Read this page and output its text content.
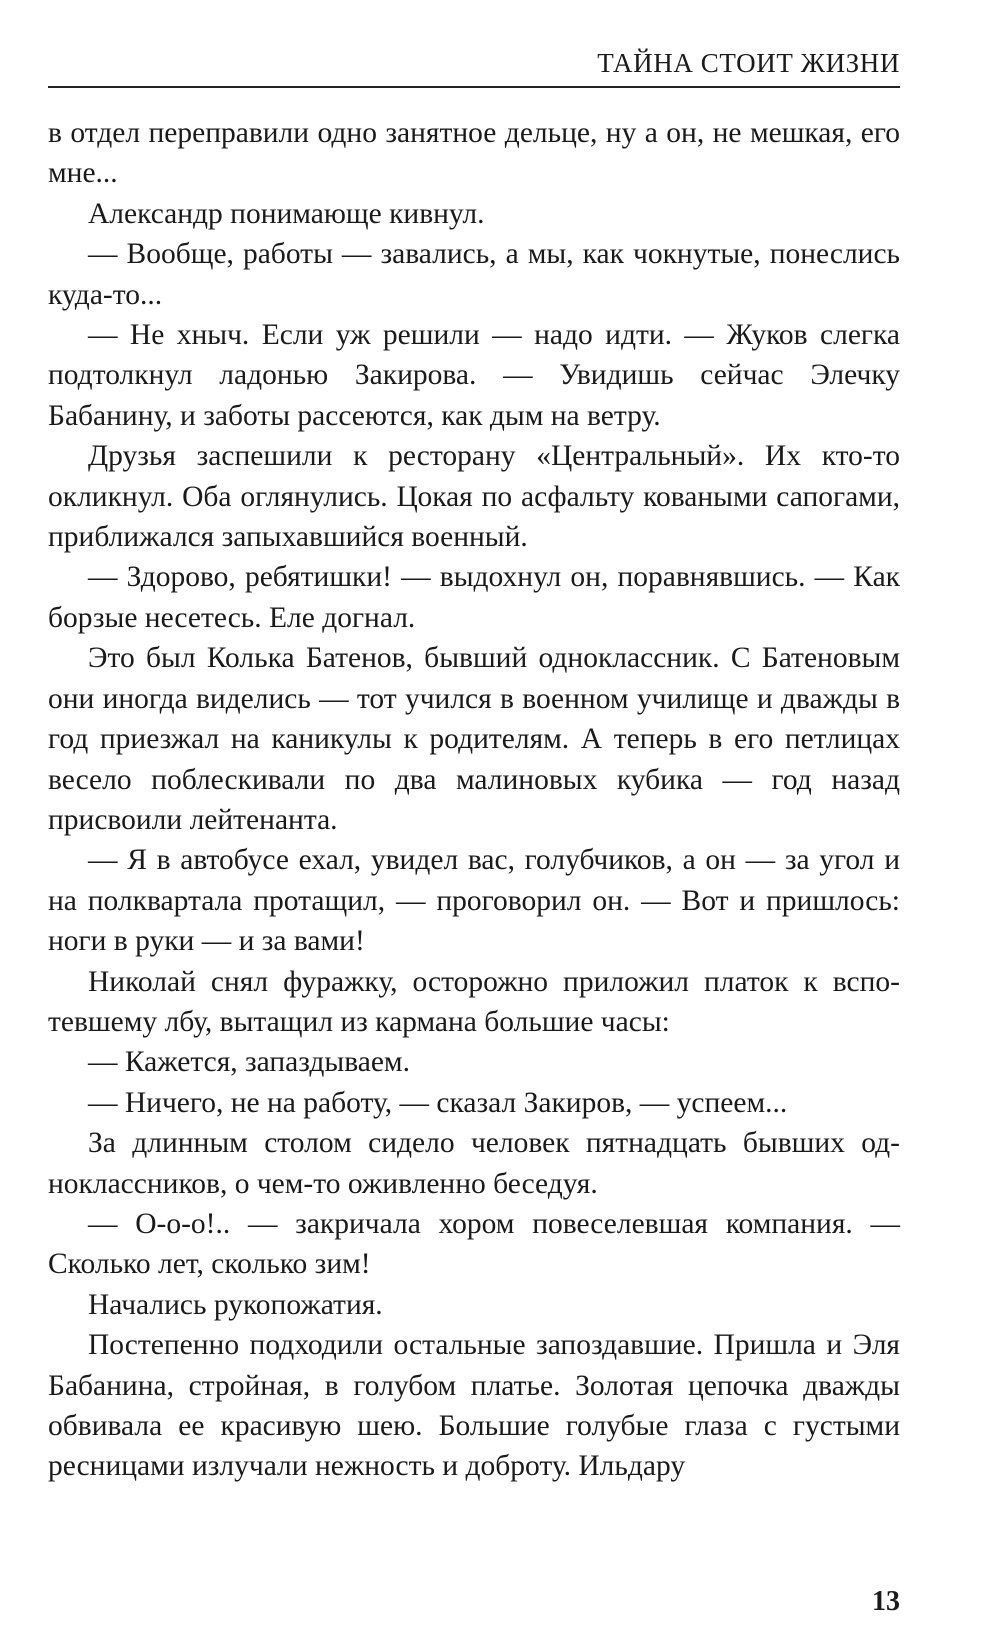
ТАЙНА СТОИТ ЖИЗНИ

в отдел переправили одно занятное дельце, ну а он, не мешкая, его мне...

Александр понимающе кивнул.

— Вообще, работы — завались, а мы, как чокнутые, понеслись куда-то...

— Не хныч. Если уж решили — надо идти. — Жуков слегка подтолкнул ладонью Закирова. — Увидишь сейчас Элечку Бабанину, и заботы рассеются, как дым на ветру.

Друзья заспешили к ресторану «Центральный». Их кто-то окликнул. Оба оглянулись. Цокая по асфальту коваными сапогами, приближался запыхавшийся военный.

— Здорово, ребятишки! — выдохнул он, поравнявшись. — Как борзые несетесь. Еле догнал.

Это был Колька Батенов, бывший одноклассник. С Батеновым они иногда виделись — тот учился в военном училище и дважды в год приезжал на каникулы к родителям. А теперь в его петлицах весело поблескивали по два малиновых кубика — год назад присвоили лейтенанта.

— Я в автобусе ехал, увидел вас, голубчиков, а он — за угол и на полквартала протащил, — проговорил он. — Вот и пришлось: ноги в руки — и за вами!

Николай снял фуражку, осторожно приложил платок к вспотевшему лбу, вытащил из кармана большие часы:

— Кажется, запаздываем.

— Ничего, не на работу, — сказал Закиров, — успеем...

За длинным столом сидело человек пятнадцать бывших одноклассников, о чем-то оживленно беседуя.

— О-о-о!.. — закричала хором повеселевшая компания. — Сколько лет, сколько зим!

Начались рукопожатия.

Постепенно подходили остальные запоздавшие. Пришла и Эля Бабанина, стройная, в голубом платье. Золотая цепочка дважды обвивала ее красивую шею. Большие голубые глаза с густыми ресницами излучали нежность и доброту. Ильдару

13
